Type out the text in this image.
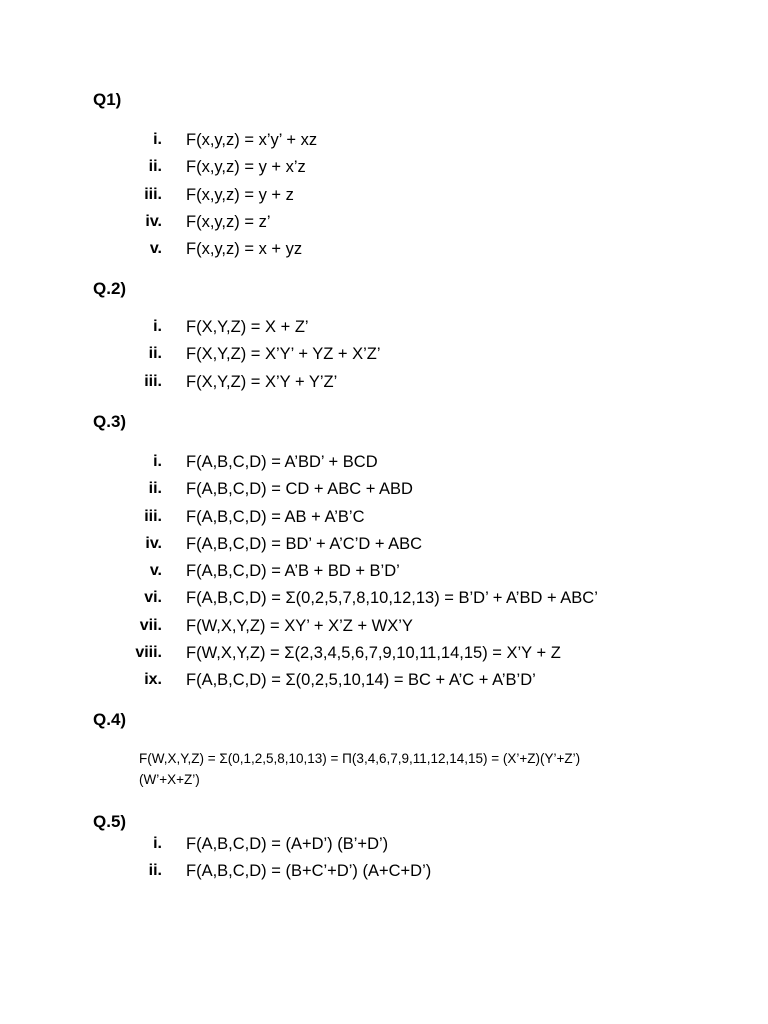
Q1)
i. F(x,y,z) = x’y’ + xz
ii. F(x,y,z) = y + x’z
iii. F(x,y,z) = y + z
iv. F(x,y,z) = z’
v. F(x,y,z) = x + yz
Q.2)
i. F(X,Y,Z) = X + Z’
ii. F(X,Y,Z) = X’Y’ + YZ + X’Z’
iii. F(X,Y,Z) = X’Y + Y’Z’
Q.3)
i. F(A,B,C,D) = A’BD’ + BCD
ii. F(A,B,C,D) = CD + ABC + ABD
iii. F(A,B,C,D) = AB + A’B’C
iv. F(A,B,C,D) = BD’ + A’C’D + ABC
v. F(A,B,C,D) = A’B + BD + B’D’
vi. F(A,B,C,D) = Σ(0,2,5,7,8,10,12,13) = B’D’ + A’BD + ABC’
vii. F(W,X,Y,Z) = XY’ + X’Z + WX’Y
viii. F(W,X,Y,Z) = Σ(2,3,4,5,6,7,9,10,11,14,15) = X’Y + Z
ix. F(A,B,C,D) = Σ(0,2,5,10,14) = BC + A’C + A’B’D’
Q.4)
F(W,X,Y,Z) = Σ(0,1,2,5,8,10,13) = Π(3,4,6,7,9,11,12,14,15) = (X’+Z)(Y’+Z’)(W’+X+Z’)
Q.5)
i. F(A,B,C,D) = (A+D’) (B’+D’)
ii. F(A,B,C,D) = (B+C’+D’) (A+C+D’)
